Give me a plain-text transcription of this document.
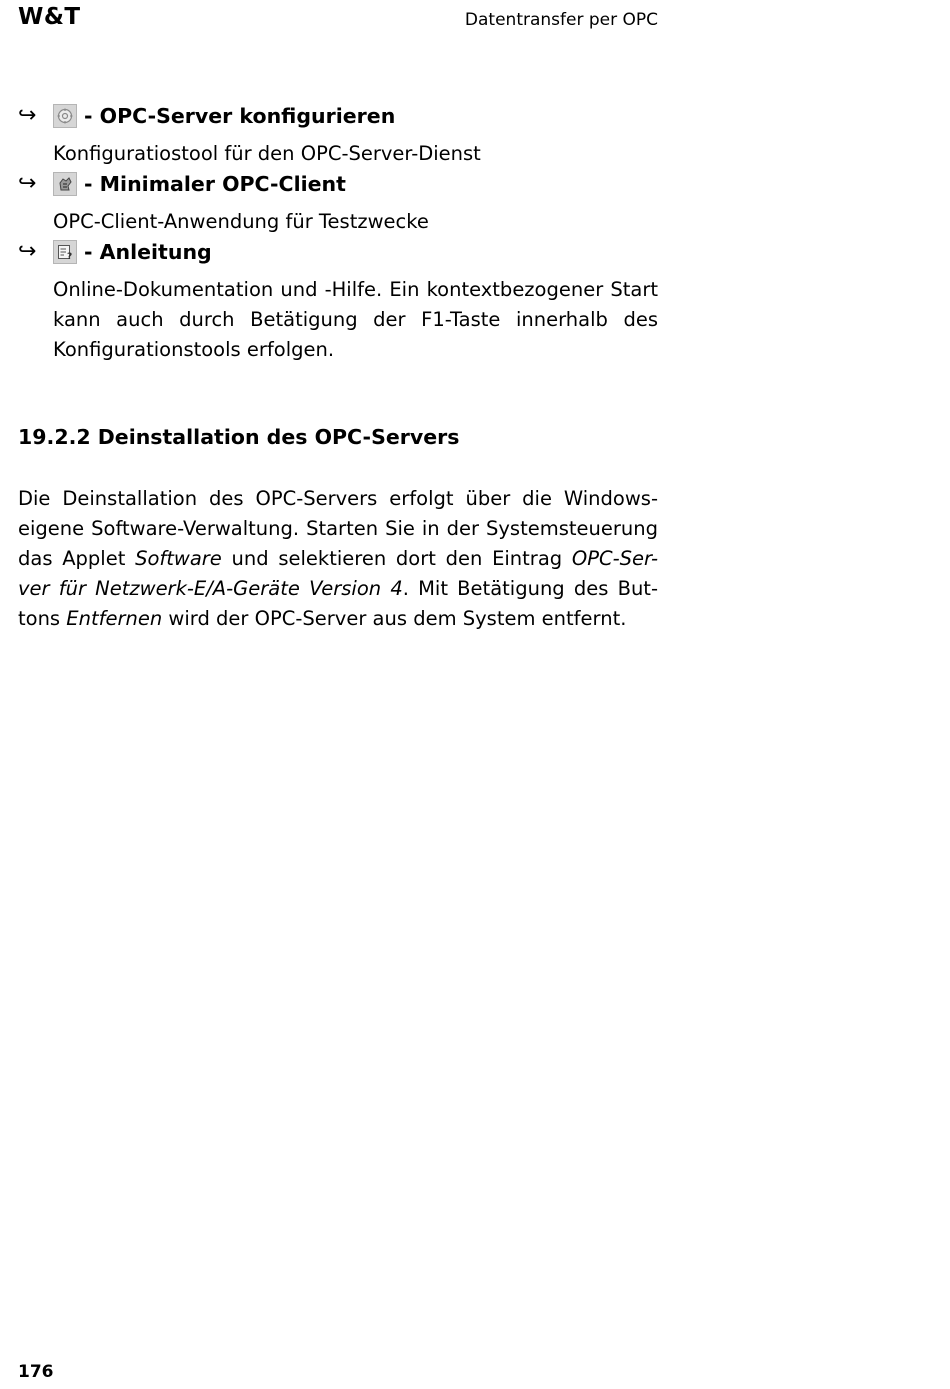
W&T	Datentransfer per OPC
↪	- OPC-Server konfigurieren
Konfiguratiostool für den OPC-Server-Dienst
↪	- Minimaler OPC-Client
OPC-Client-Anwendung für Testzwecke
↪	? - Anleitung
Online-Dokumentation und -Hilfe. Ein kontextbezogener Start kann auch durch Betätigung der F1-Taste innerhalb des Konfigurationstools erfolgen.
19.2.2 Deinstallation des OPC-Servers
Die Deinstallation des OPC-Servers erfolgt über die Windows-
eigene Software-Verwaltung. Starten Sie in der Systemsteuerung
das Applet Software und selektieren dort den Eintrag OPC-Ser-
ver für Netzwerk-E/A-Geräte Version 4. Mit Betätigung des But-
tons Entfernen wird der OPC-Server aus dem System entfernt.
176
